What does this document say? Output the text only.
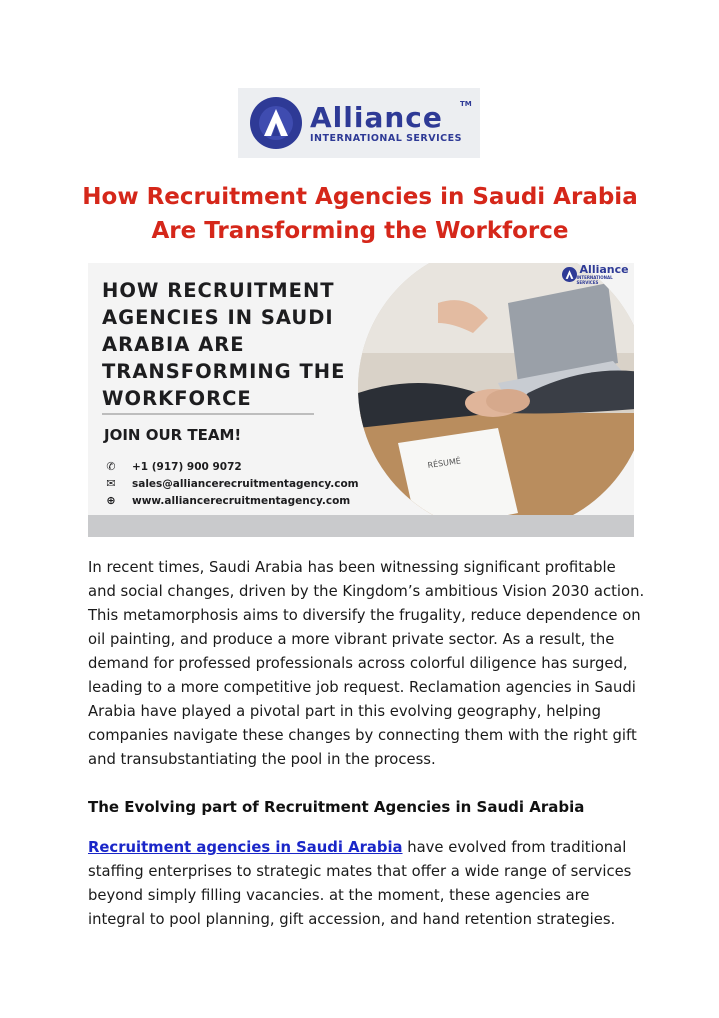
Alliance
INTERNATIONAL SERVICES
TM
How Recruitment Agencies in Saudi Arabia
Are Transforming the Workforce
RÉSUMÉ
Alliance
INTERNATIONAL SERVICES
HOW RECRUITMENT
AGENCIES IN SAUDI
ARABIA ARE
TRANSFORMING THE
WORKFORCE
JOIN OUR TEAM!
✆ +1 (917) 900 9072
✉ sales@alliancerecruitmentagency.com
⊕ www.alliancerecruitmentagency.com

In recent times, Saudi Arabia has been witnessing significant profitable and social changes, driven by the Kingdom’s ambitious Vision 2030 action. This metamorphosis aims to diversify the frugality, reduce dependence on oil painting, and produce a more vibrant private sector. As a result, the demand for professed professionals across colorful diligence has surged, leading to a more competitive job request. Reclamation agencies in Saudi Arabia have played a pivotal part in this evolving geography, helping companies navigate these changes by connecting them with the right gift and transubstantiating the pool in the process.

The Evolving part of Recruitment Agencies in Saudi Arabia

Recruitment agencies in Saudi Arabia have evolved from traditional staffing enterprises to strategic mates that offer a wide range of services beyond simply filling vacancies. at the moment, these agencies are integral to pool planning, gift accession, and hand retention strategies.
